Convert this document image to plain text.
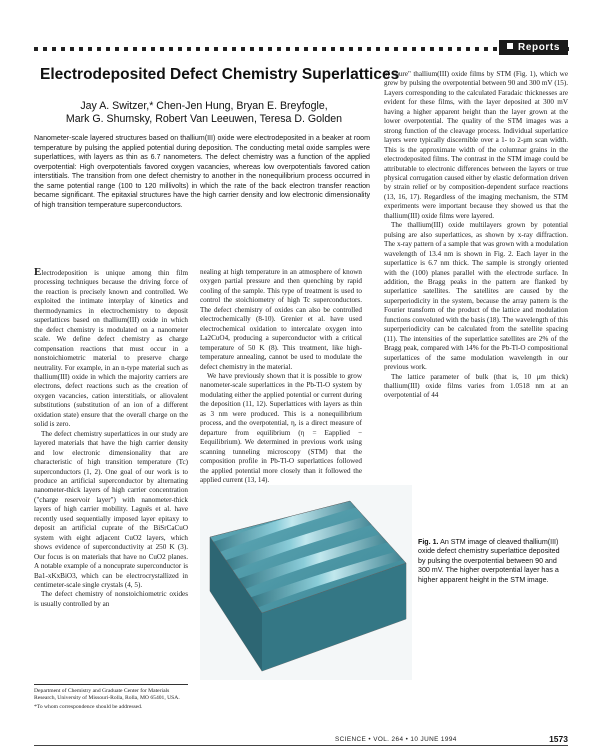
Reports
Electrodeposited Defect Chemistry Superlattices
Jay A. Switzer,* Chen-Jen Hung, Bryan E. Breyfogle,
Mark G. Shumsky, Robert Van Leeuwen, Teresa D. Golden
Nanometer-scale layered structures based on thallium(III) oxide were electrodeposited in a beaker at room temperature by pulsing the applied potential during deposition. The conducting metal oxide samples were superlattices, with layers as thin as 6.7 nanometers. The defect chemistry was a function of the applied overpotential: High overpotentials favored oxygen vacancies, whereas low overpotentials favored cation interstitials. The transition from one defect chemistry to another in the nonequilibrium process occurred in the same potential range (100 to 120 millivolts) in which the rate of the back electron transfer reaction became significant. The epitaxial structures have the high carrier density and low electronic dimensionality of high transition temperature superconductors.

Electrodeposition is unique among thin film processing techniques because the driving force of the reaction is precisely known and controlled. We exploited the intimate interplay of kinetics and thermodynamics in electrochemistry to deposit superlattices based on thallium(III) oxide in which the defect chemistry is modulated on a nanometer scale. We define defect chemistry as charge compensation reactions that must occur in a nonstoichiometric material to preserve charge neutrality. For example, in an n-type material such as thallium(III) oxide in which the majority carriers are electrons, defect reactions such as the creation of oxygen vacancies, cation interstitials, or aliovalent substitutions (substitution of an ion of a different oxidation state) ensure that the overall charge on the solid is zero.

The defect chemistry superlattices in our study are layered materials that have the high carrier density and low electronic dimensionality that are characteristic of high transition temperature (Tc) superconductors (1, 2). One goal of our work is to produce an artificial superconductor by alternating nanometer-thick layers of high carrier concentration ("charge reservoir layer") with nanometer-thick layers of high carrier mobility. Laguës et al. have recently used sequentially imposed layer epitaxy to deposit an artificial cuprate of the BiSrCaCuO system with eight adjacent CuO2 layers, which shows evidence of superconductivity at 250 K (3). Our focus is on materials that have no CuO2 planes. A notable example of a noncuprate superconductor is Ba1-xKxBiO3, which can be electrocrystallized in centimeter-scale single crystals (4, 5).

The defect chemistry of nonstoichiometric oxides is usually controlled by an

Department of Chemistry and Graduate Center for Materials Research, University of Missouri-Rolla, Rolla, MO 65401, USA.
*To whom correspondence should be addressed.

nealing at high temperature in an atmosphere of known oxygen partial pressure and then quenching by rapid cooling of the sample. This type of treatment is used to control the stoichiometry of high Tc superconductors. The defect chemistry of oxides can also be controlled electrochemically (8-10). Grenier et al. have used electrochemical oxidation to intercalate oxygen into La2CuO4, producing a superconductor with a critical temperature of 50 K (8). This treatment, like high-temperature annealing, cannot be used to modulate the defect chemistry in the material.

We have previously shown that it is possible to grow nanometer-scale superlattices in the Pb-Tl-O system by modulating either the applied potential or current during the deposition (11, 12). Superlattices with layers as thin as 3 nm were produced. This is a nonequilibrium process, and the overpotential, η, is a direct measure of departure from equilibrium (η = Eapplied − Eequilibrium). We determined in previous work using scanning tunneling microscopy (STM) that the composition profile in Pb-Tl-O superlattices followed the applied potential more closely than it followed the applied current (13, 14).

of "pure" thallium(III) oxide films by STM (Fig. 1), which we grew by pulsing the overpotential between 90 and 300 mV (15). Layers corresponding to the calculated Faradaic thicknesses are evident for these films, with the layer deposited at 300 mV having a higher apparent height than the layer grown at the lower overpotential. The quality of the STM images was a strong function of the cleavage process. Individual superlattice layers were typically discernible over a 1- to 2-μm scan width. This is the approximate width of the columnar grains in the electrodeposited films. The contrast in the STM image could be attributable to electronic differences between the layers or true physical corrugation caused either by elastic deformation driven by strain relief or by composition-dependent surface reactions (13, 16, 17). Regardless of the imaging mechanism, the STM experiments were important because they showed us that the thallium(III) oxide films were layered.

The thallium(III) oxide multilayers grown by potential pulsing are also superlattices, as shown by x-ray diffraction. The x-ray pattern of a sample that was grown with a modulation wavelength of 13.4 nm is shown in Fig. 2. Each layer in the superlattice is 6.7 nm thick. The sample is strongly oriented with the (100) planes parallel with the electrode surface. In addition, the Bragg peaks in the pattern are flanked by superlattice satellites. The satellites are caused by the superperiodicity in the system, because the array pattern is the Fourier transform of the product of the lattice and modulation functions convoluted with the basis (18). The wavelength of this superperiodicity can be calculated from the satellite spacing (11). The intensities of the superlattice satellites are 2% of the Bragg peak, compared with 14% for the Pb-Tl-O compositional superlattices of the same modulation wavelength in our previous work.

The lattice parameter of bulk (that is, 10 μm thick) thallium(III) oxide films varies from 1.0518 nm at an overpotential of 44

Fig. 1. An STM image of cleaved thallium(III) oxide defect chemistry superlattice deposited by pulsing the overpotential between 90 and 300 mV. The higher overpotential layer has a higher apparent height in the STM image.
SCIENCE • VOL. 264 • 10 JUNE 1994	1573
